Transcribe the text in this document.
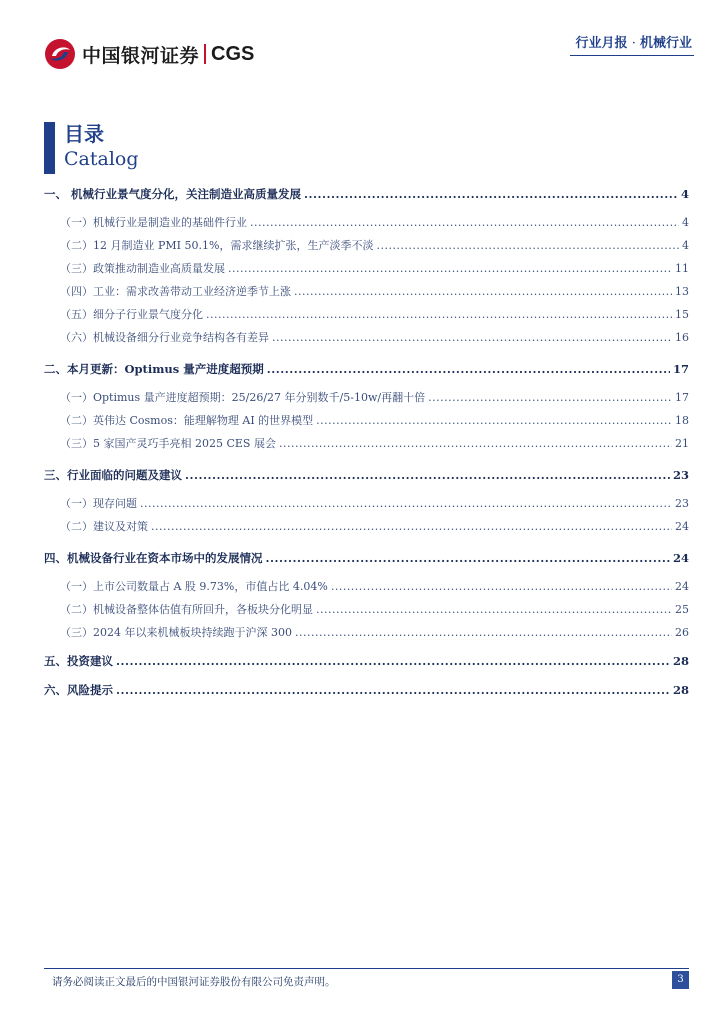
中国银河证券 CGS	行业月报 · 机械行业
目录
Catalog
一、 机械行业景气度分化，关注制造业高质量发展 .....	4
（一）机械行业是制造业的基础件行业 .....	4
（二）12 月制造业 PMI 50.1%，需求继续扩张，生产淡季不淡 .....	4
（三）政策推动制造业高质量发展 .....	11
（四）工业：需求改善带动工业经济逆季节上涨 .....	13
（五）细分子行业景气度分化 .....	15
（六）机械设备细分行业竞争结构各有差异 .....	16
二、本月更新：Optimus 量产进度超预期 .....	17
（一）Optimus 量产进度超预期：25/26/27 年分别数千/5-10w/再翻十倍 .....	17
（二）英伟达 Cosmos：能理解物理 AI 的世界模型 .....	18
（三）5 家国产灵巧手亮相 2025 CES 展会 .....	21
三、行业面临的问题及建议 .....	23
（一）现存问题 .....	23
（二）建议及对策 .....	24
四、机械设备行业在资本市场中的发展情况 .....	24
（一）上市公司数量占 A 股 9.73%，市值占比 4.04% .....	24
（二）机械设备整体估值有所回升，各板块分化明显 .....	25
（三）2024 年以来机械板块持续跑于沪深 300 .....	26
五、投资建议 .....	28
六、风险提示 .....	28
请务必阅读正文最后的中国银河证券股份有限公司免责声明。	3
